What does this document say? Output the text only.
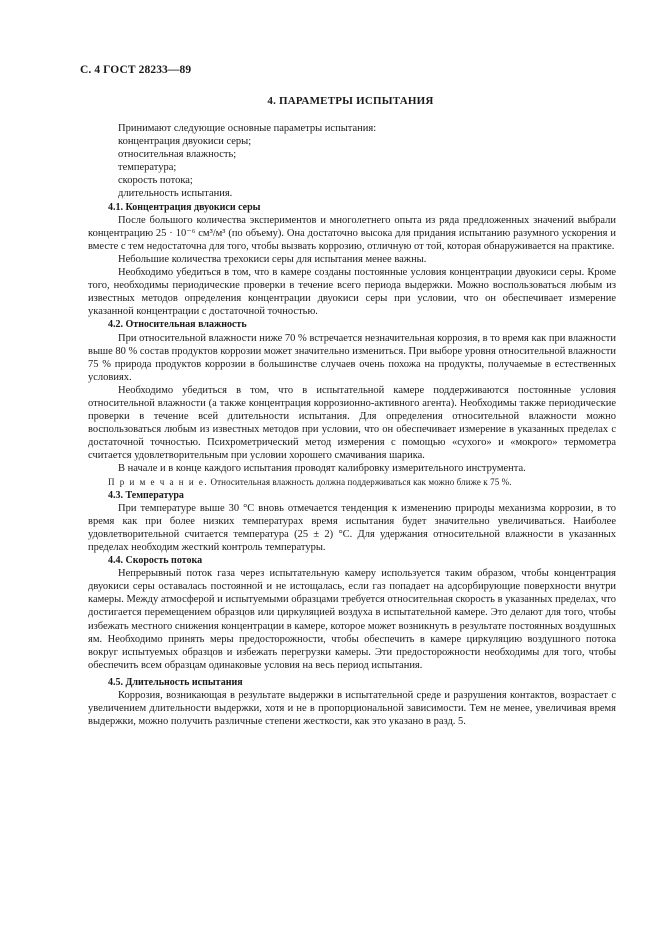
С. 4 ГОСТ 28233—89
4. ПАРАМЕТРЫ ИСПЫТАНИЯ

Принимают следующие основные параметры испытания:

концентрация двуокиси серы;

относительная влажность;

температура;

скорость потока;

длительность испытания.

4.1. Концентрация двуокиси серы

После большого количества экспериментов и многолетнего опыта из ряда предложенных значений выбрали концентрацию 25 · 10⁻⁶ см³/м³ (по объему). Она достаточно высока для придания испытанию разумного ускорения и вместе с тем недостаточна для того, чтобы вызвать коррозию, отличную от той, которая обнаруживается на практике.

Небольшие количества трехокиси серы для испытания менее важны.

Необходимо убедиться в том, что в камере созданы постоянные условия концентрации двуокиси серы. Кроме того, необходимы периодические проверки в течение всего периода выдержки. Можно воспользоваться любым из известных методов определения концентрации двуокиси серы при условии, что он обеспечивает измерение указанной концентрации с достаточной точностью.

4.2. Относительная влажность

При относительной влажности ниже 70 % встречается незначительная коррозия, в то время как при влажности выше 80 % состав продуктов коррозии может значительно измениться. При выборе уровня относительной влажности 75 % природа продуктов коррозии в большинстве случаев очень похожа на продукты, получаемые в естественных условиях.

Необходимо убедиться в том, что в испытательной камере поддерживаются постоянные условия относительной влажности (а также концентрация коррозионно-активного агента). Необходимы также периодические проверки в течение всей длительности испытания. Для определения относительной влажности можно воспользоваться любым из известных методов при условии, что он обеспечивает измерение в указанных пределах с достаточной точностью. Психрометрический метод измерения с помощью «сухого» и «мокрого» термометра считается удовлетворительным при условии хорошего смачивания шарика.

В начале и в конце каждого испытания проводят калибровку измерительного инструмента.

П р и м е ч а н и е. Относительная влажность должна поддерживаться как можно ближе к 75 %.

4.3. Температура

При температуре выше 30 °С вновь отмечается тенденция к изменению природы механизма коррозии, в то время как при более низких температурах время испытания будет значительно увеличиваться. Наиболее удовлетворительной считается температура (25 ± 2) °С. Для удержания относительной влажности в указанных пределах необходим жесткий контроль температуры.

4.4. Скорость потока

Непрерывный поток газа через испытательную камеру используется таким образом, чтобы концентрация двуокиси серы оставалась постоянной и не истощалась, если газ попадает на адсорбирующие поверхности внутри камеры. Между атмосферой и испытуемыми образцами требуется относительная скорость в указанных пределах, что достигается перемещением образцов или циркуляцией воздуха в испытательной камере. Это делают для того, чтобы избежать местного снижения концентрации в камере, которое может возникнуть в результате постоянных воздушных ям. Необходимо принять меры предосторожности, чтобы обеспечить в камере циркуляцию воздушного потока вокруг испытуемых образцов и избежать перегрузки камеры. Эти предосторожности необходимы для того, чтобы обеспечить всем образцам одинаковые условия на весь период испытания.

4.5. Длительность испытания

Коррозия, возникающая в результате выдержки в испытательной среде и разрушения контактов, возрастает с увеличением длительности выдержки, хотя и не в пропорциональной зависимости. Тем не менее, увеличивая время выдержки, можно получить различные степени жесткости, как это указано в разд. 5.
